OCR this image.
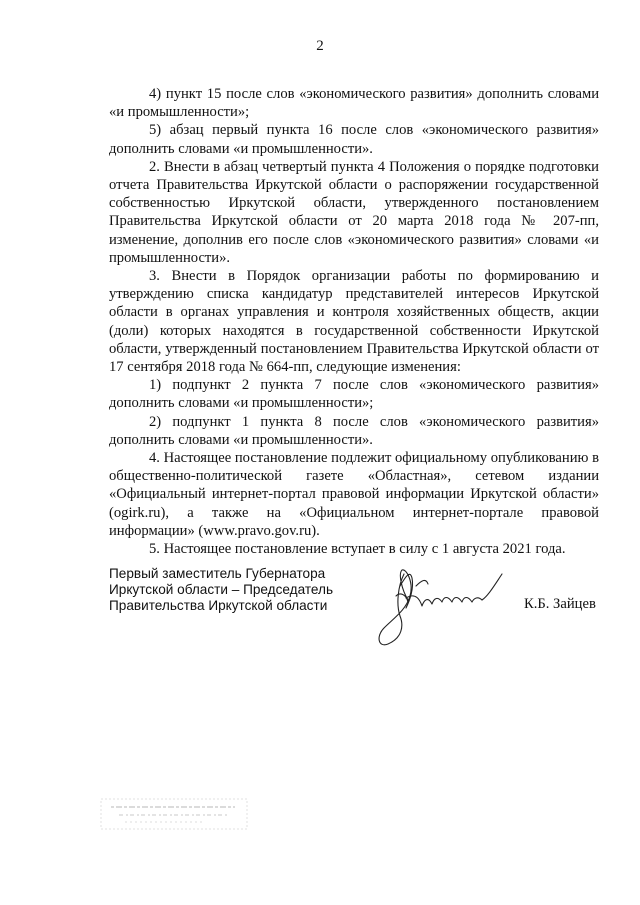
2

4) пункт 15 после слов «экономического развития» дополнить словами «и промышленности»;

5) абзац первый пункта 16 после слов «экономического развития» дополнить словами «и промышленности».

2. Внести в абзац четвертый пункта 4 Положения о порядке подготовки отчета Правительства Иркутской области о распоряжении государственной собственностью Иркутской области, утвержденного постановлением Правительства Иркутской области от 20 марта 2018 года № 207-пп, изменение, дополнив его после слов «экономического развития» словами «и промышленности».

3. Внести в Порядок организации работы по формированию и утверждению списка кандидатур представителей интересов Иркутской области в органах управления и контроля хозяйственных обществ, акции (доли) которых находятся в государственной собственности Иркутской области, утвержденный постановлением Правительства Иркутской области от 17 сентября 2018 года № 664-пп, следующие изменения:

1) подпункт 2 пункта 7 после слов «экономического развития» дополнить словами «и промышленности»;

2) подпункт 1 пункта 8 после слов «экономического развития» дополнить словами «и промышленности».

4. Настоящее постановление подлежит официальному опубликованию в общественно-политической газете «Областная», сетевом издании «Официальный интернет-портал правовой информации Иркутской области» (ogirk.ru), а также на «Официальном интернет-портале правовой информации» (www.pravo.gov.ru).

5. Настоящее постановление вступает в силу с 1 августа 2021 года.

Первый заместитель Губернатора
Иркутской области – Председатель
Правительства Иркутской области	К.Б. Зайцев
